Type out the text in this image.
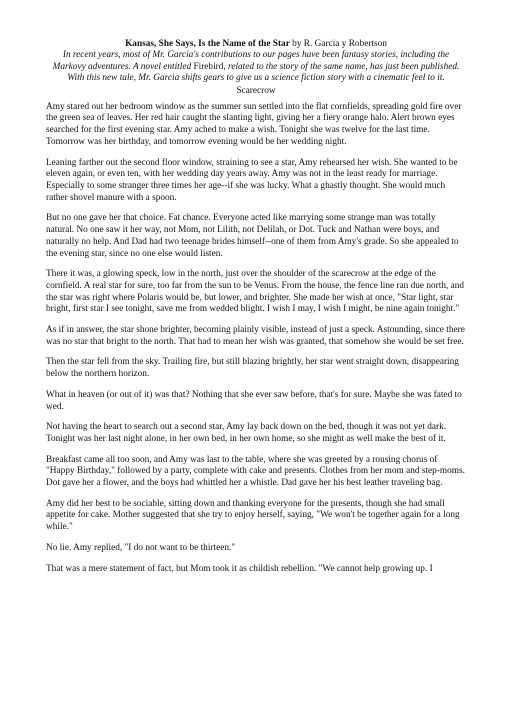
Kansas, She Says, Is the Name of the Star by R. Garcia y Robertson

In recent years, most of Mr. Garcia's contributions to our pages have been fantasy stories, including the Markovy adventures. A novel entitled Firebird, related to the story of the same name, has just been published. With this new tale, Mr. Garcia shifts gears to give us a science fiction story with a cinematic feel to it.

Scarecrow

Amy stared out her bedroom window as the summer sun settled into the flat cornfields, spreading gold fire over the green sea of leaves. Her red hair caught the slanting light, giving her a fiery orange halo. Alert brown eyes searched for the first evening star. Amy ached to make a wish. Tonight she was twelve for the last time. Tomorrow was her birthday, and tomorrow evening would be her wedding night.

Leaning farther out the second floor window, straining to see a star, Amy rehearsed her wish. She wanted to be eleven again, or even ten, with her wedding day years away. Amy was not in the least ready for marriage. Especially to some stranger three times her age--if she was lucky. What a ghastly thought. She would much rather shovel manure with a spoon.

But no one gave her that choice. Fat chance. Everyone acted like marrying some strange man was totally natural. No one saw it her way, not Mom, not Lilith, not Delilah, or Dot. Tuck and Nathan were boys, and naturally no help. And Dad had two teenage brides himself--one of them from Amy's grade. So she appealed to the evening star, since no one else would listen.

There it was, a glowing speck, low in the north, just over the shoulder of the scarecrow at the edge of the cornfield. A real star for sure, too far from the sun to be Venus. From the house, the fence line ran due north, and the star was right where Polaris would be, but lower, and brighter. She made her wish at once, "Star light, star bright, first star I see tonight, save me from wedded blight. I wish I may, I wish I might, be nine again tonight."

As if in answer, the star shone brighter, becoming plainly visible, instead of just a speck. Astounding, since there was no star that bright to the north. That had to mean her wish was granted, that somehow she would be set free.

Then the star fell from the sky. Trailing fire, but still blazing brightly, her star went straight down, disappearing below the northern horizon.

What in heaven (or out of it) was that? Nothing that she ever saw before, that's for sure. Maybe she was fated to wed.

Not having the heart to search out a second star, Amy lay back down on the bed, though it was not yet dark. Tonight was her last night alone, in her own bed, in her own home, so she might as well make the best of it.

Breakfast came all too soon, and Amy was last to the table, where she was greeted by a rousing chorus of "Happy Birthday," followed by a party, complete with cake and presents. Clothes from her mom and step-moms. Dot gave her a flower, and the boys had whittled her a whistle. Dad gave her his best leather traveling bag.

Amy did her best to be sociable, sitting down and thanking everyone for the presents, though she had small appetite for cake. Mother suggested that she try to enjoy herself, saying, "We won't be together again for a long while."

No lie. Amy replied, "I do not want to be thirteen."

That was a mere statement of fact, but Mom took it as childish rebellion. "We cannot help growing up. I
